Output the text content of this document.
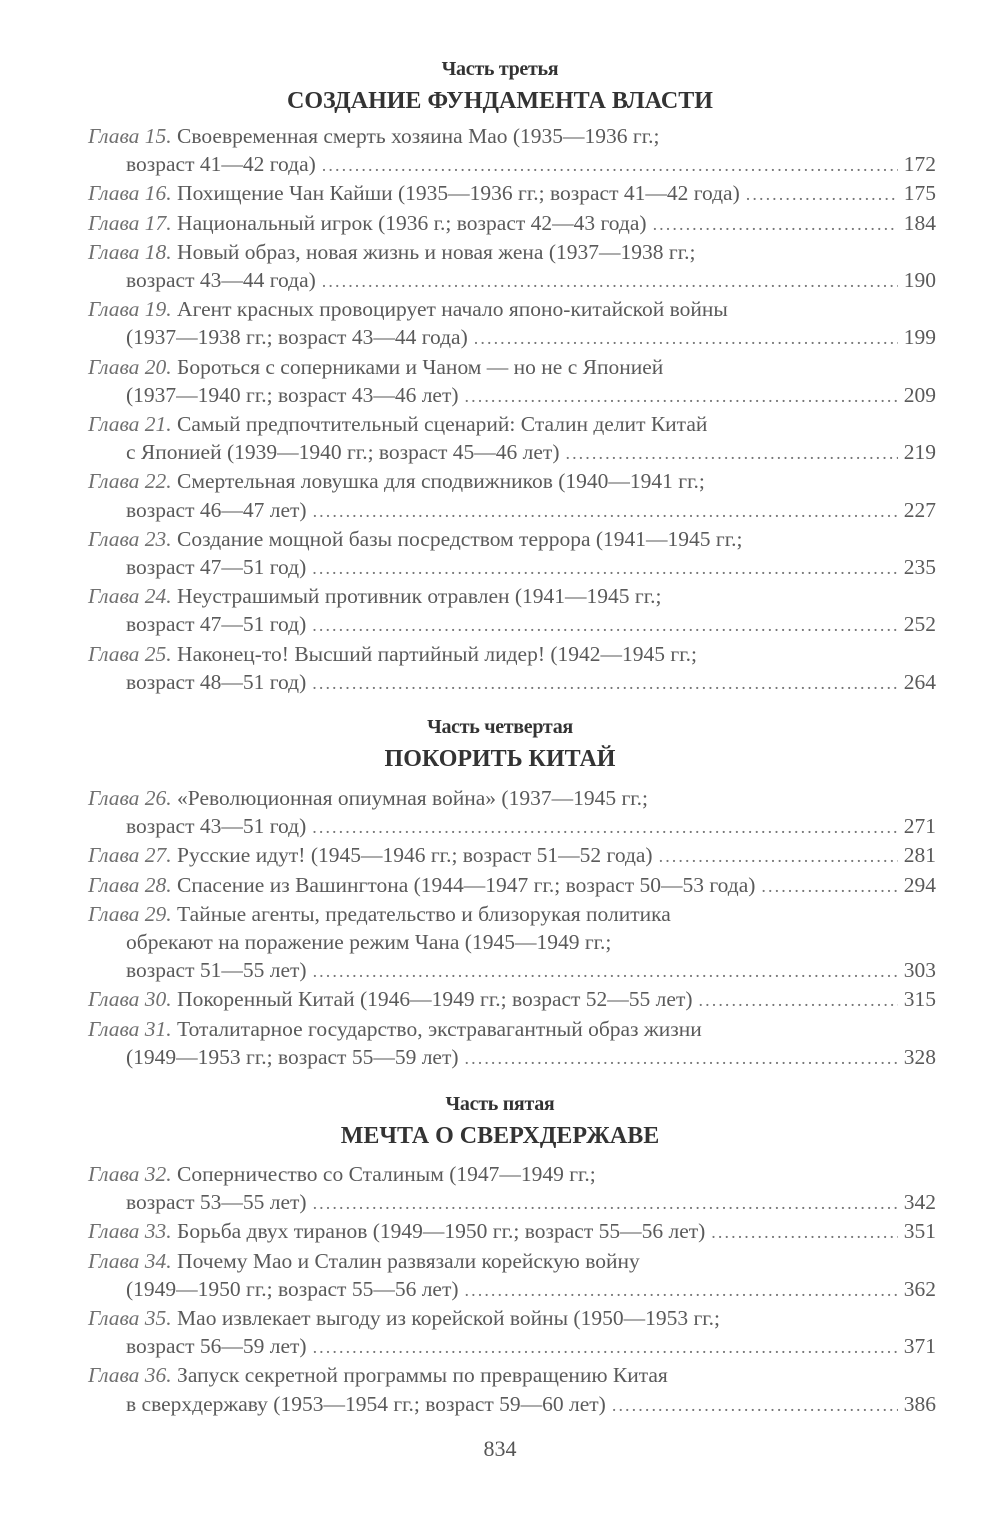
Часть третья
СОЗДАНИЕ ФУНДАМЕНТА ВЛАСТИ
Глава 15.
Своевременная смерть хозяина Мао (1935—1936 гг.;
возраст 41—42 года) . . .	172
Глава 16.
Похищение Чан Кайши (1935—1936 гг.; возраст 41—42 года) . . .	175
Глава 17.
Национальный игрок (1936 г.; возраст 42—43 года) . . .	184
Глава 18.
Новый образ, новая жизнь и новая жена (1937—1938 гг.;
возраст 43—44 года) . . .	190
Глава 19.
Агент красных провоцирует начало японо-китайской войны
(1937—1938 гг.; возраст 43—44 года) . . .	199
Глава 20.
Бороться с соперниками и Чаном — но не с Японией
(1937—1940 гг.; возраст 43—46 лет) . . .	209
Глава 21.
Самый предпочтительный сценарий: Сталин делит Китай
с Японией (1939—1940 гг.; возраст 45—46 лет) . . .	219
Глава 22.
Смертельная ловушка для сподвижников (1940—1941 гг.;
возраст 46—47 лет) . . .	227
Глава 23.
Создание мощной базы посредством террора (1941—1945 гг.;
возраст 47—51 год) . . .	235
Глава 24.
Неустрашимый противник отравлен (1941—1945 гг.;
возраст 47—51 год) . . .	252
Глава 25.
Наконец-то! Высший партийный лидер! (1942—1945 гг.;
возраст 48—51 год) . . .	264
Часть четвертая
ПОКОРИТЬ КИТАЙ
Глава 26.
«Революционная опиумная война» (1937—1945 гг.;
возраст 43—51 год) . . .	271
Глава 27.
Русские идут! (1945—1946 гг.; возраст 51—52 года) . . .	281
Глава 28.
Спасение из Вашингтона (1944—1947 гг.; возраст 50—53 года) . . .	294
Глава 29.
Тайные агенты, предательство и близорукая политика
обрекают на поражение режим Чана (1945—1949 гг.;
возраст 51—55 лет) . . .	303
Глава 30.
Покоренный Китай (1946—1949 гг.; возраст 52—55 лет) . . .	315
Глава 31.
Тоталитарное государство, экстравагантный образ жизни
(1949—1953 гг.; возраст 55—59 лет) . . .	328
Часть пятая
МЕЧТА О СВЕРХДЕРЖАВЕ
Глава 32.
Соперничество со Сталиным (1947—1949 гг.;
возраст 53—55 лет) . . .	342
Глава 33.
Борьба двух тиранов (1949—1950 гг.; возраст 55—56 лет) . . .	351
Глава 34.
Почему Мао и Сталин развязали корейскую войну
(1949—1950 гг.; возраст 55—56 лет) . . .	362
Глава 35.
Мао извлекает выгоду из корейской войны (1950—1953 гг.;
возраст 56—59 лет) . . .	371
Глава 36.
Запуск секретной программы по превращению Китая
в сверхдержаву (1953—1954 гг.; возраст 59—60 лет) . . .	386
834
